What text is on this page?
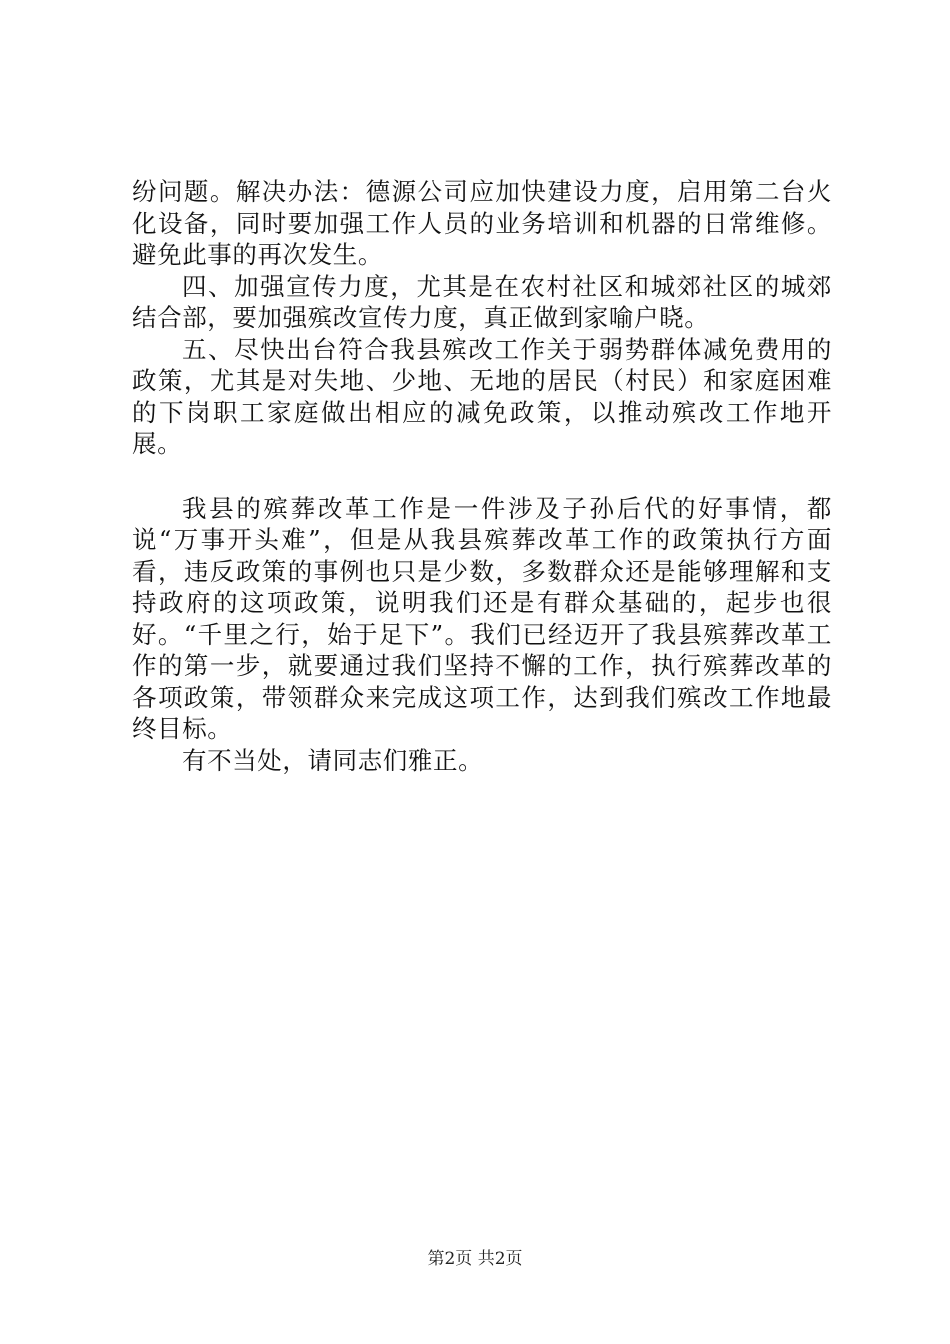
纷问题。解决办法：德源公司应加快建设力度，启用第二台火化设备，同时要加强工作人员的业务培训和机器的日常维修。避免此事的再次发生。

四、加强宣传力度，尤其是在农村社区和城郊社区的城郊结合部，要加强殡改宣传力度，真正做到家喻户晓。

五、尽快出台符合我县殡改工作关于弱势群体减免费用的政策，尤其是对失地、少地、无地的居民（村民）和家庭困难的下岗职工家庭做出相应的减免政策，以推动殡改工作地开展。

我县的殡葬改革工作是一件涉及子孙后代的好事情，都说“万事开头难”，但是从我县殡葬改革工作的政策执行方面看，违反政策的事例也只是少数，多数群众还是能够理解和支持政府的这项政策，说明我们还是有群众基础的，起步也很好。“千里之行，始于足下”。我们已经迈开了我县殡葬改革工作的第一步，就要通过我们坚持不懈的工作，执行殡葬改革的各项政策，带领群众来完成这项工作，达到我们殡改工作地最终目标。

有不当处，请同志们雅正。

第2页 共2页
